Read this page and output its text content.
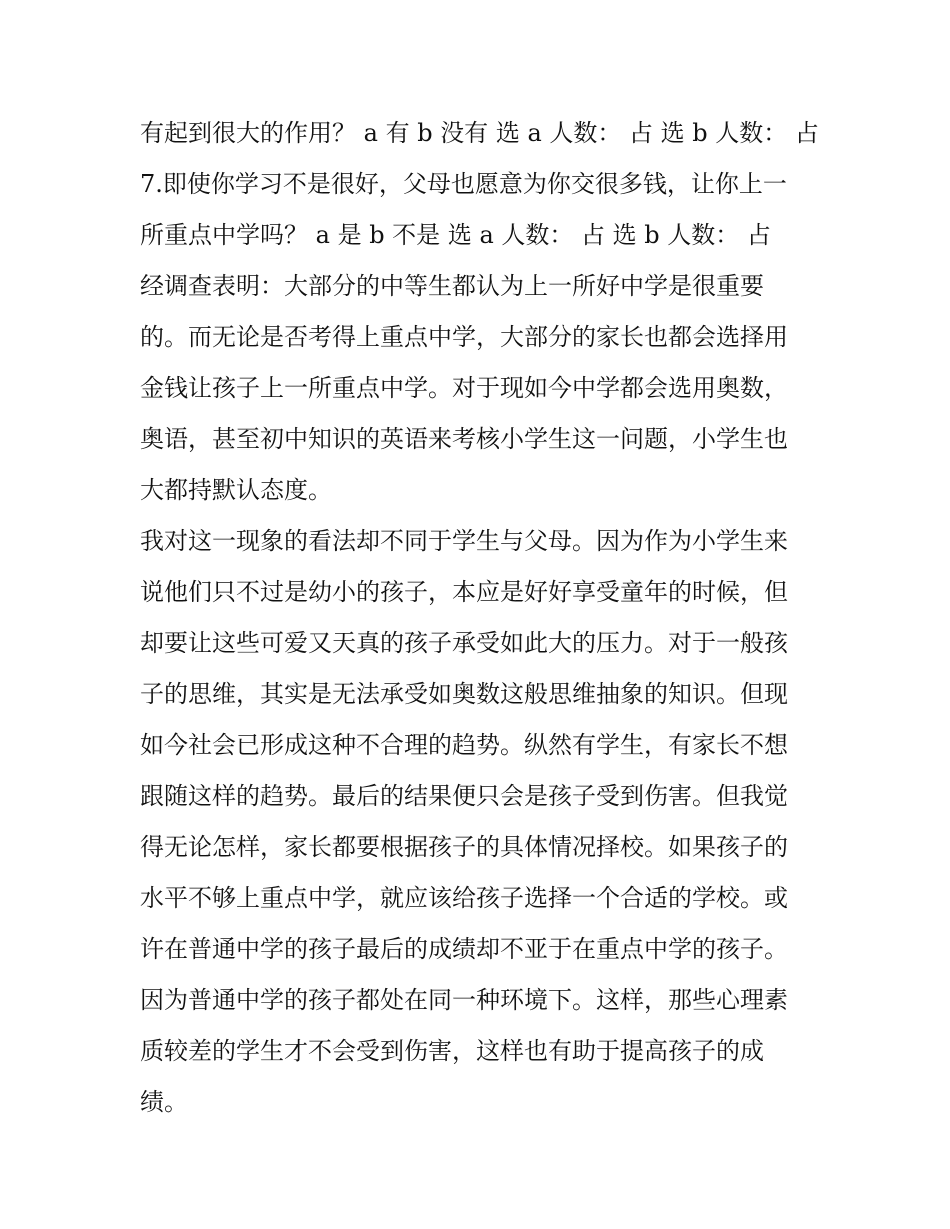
有起到很大的作用？ a 有 b 没有 选 a 人数： 占 选 b 人数： 占
7.即使你学习不是很好，父母也愿意为你交很多钱，让你上一
所重点中学吗？ a 是 b 不是 选 a 人数： 占 选 b 人数： 占
经调查表明：大部分的中等生都认为上一所好中学是很重要
的。而无论是否考得上重点中学，大部分的家长也都会选择用
金钱让孩子上一所重点中学。对于现如今中学都会选用奥数，
奥语，甚至初中知识的英语来考核小学生这一问题，小学生也
大都持默认态度。
我对这一现象的看法却不同于学生与父母。因为作为小学生来
说他们只不过是幼小的孩子，本应是好好享受童年的时候，但
却要让这些可爱又天真的孩子承受如此大的压力。对于一般孩
子的思维，其实是无法承受如奥数这般思维抽象的知识。但现
如今社会已形成这种不合理的趋势。纵然有学生，有家长不想
跟随这样的趋势。最后的结果便只会是孩子受到伤害。但我觉
得无论怎样，家长都要根据孩子的具体情况择校。如果孩子的
水平不够上重点中学，就应该给孩子选择一个合适的学校。或
许在普通中学的孩子最后的成绩却不亚于在重点中学的孩子。
因为普通中学的孩子都处在同一种环境下。这样，那些心理素
质较差的学生才不会受到伤害，这样也有助于提高孩子的成
绩。
